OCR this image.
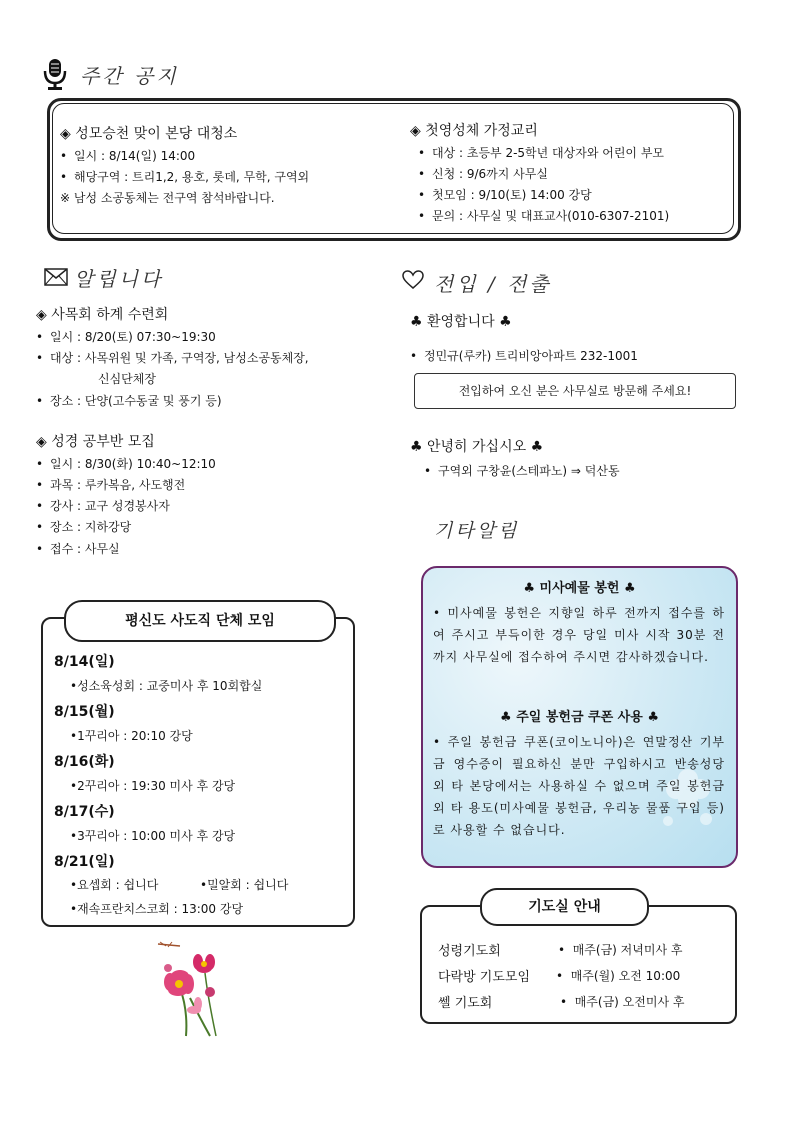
주간 공지
◈ 성모승천 맞이 본당 대청소
• 일시 : 8/14(일) 14:00
• 해당구역 : 트리1,2, 용호, 롯데, 무학, 구역외
※ 남성 소공동체는 전구역 참석바랍니다.
◈ 첫영성체 가정교리
• 대상 : 초등부 2-5학년 대상자와 어린이 부모
• 신청 : 9/6까지 사무실
• 첫모임 : 9/10(토) 14:00 강당
• 문의 : 사무실 및 대표교사(010-6307-2101)
알립니다
◈ 사목회 하계 수련회
• 일시 : 8/20(토) 07:30~19:30
• 대상 : 사목위원 및 가족, 구역장, 남성소공동체장,
신심단체장
• 장소 : 단양(고수동굴 및 풍기 등)
◈ 성경 공부반 모집
• 일시 : 8/30(화) 10:40~12:10
• 과목 : 루카복음, 사도행전
• 강사 : 교구 성경봉사자
• 장소 : 지하강당
• 접수 : 사무실
전입 / 전출
♣ 환영합니다 ♣
• 정민규(루카) 트리비앙아파트 232-1001
전입하여 오신 분은 사무실로 방문해 주세요!
♣ 안녕히 가십시오 ♣
• 구역외 구창윤(스테파노) ⇒ 덕산동
기타알림
♣ 미사예물 봉헌 ♣
• 미사예물 봉헌은 지향일 하루 전까지 접수를 하여 주시고 부득이한 경우 당일 미사 시작 30분 전까지 사무실에 접수하여 주시면 감사하겠습니다.
♣ 주일 봉헌금 쿠폰 사용 ♣
• 주일 봉헌금 쿠폰(코이노니아)은 연말정산 기부금 영수증이 필요하신 분만 구입하시고 반송성당 외 타 본당에서는 사용하실 수 없으며 주일 봉헌금 외 타 용도(미사예물 봉헌금, 우리농 물품 구입 등)로 사용할 수 없습니다.
평신도 사도직 단체 모임
8/14(일)
•성소육성회 : 교중미사 후 10회합실
8/15(월)
•1꾸리아 : 20:10 강당
8/16(화)
•2꾸리아 : 19:30 미사 후 강당
8/17(수)
•3꾸리아 : 10:00 미사 후 강당
8/21(일)
•요셉회 : 쉽니다	•밀알회 : 쉽니다
•재속프란치스코회 : 13:00 강당	기도실 안내
성령기도회	•  매주(금) 저녁미사 후
다락방 기도모임 •  매주(월) 오전 10:00
쎌 기도회	•  매주(금) 오전미사 후
